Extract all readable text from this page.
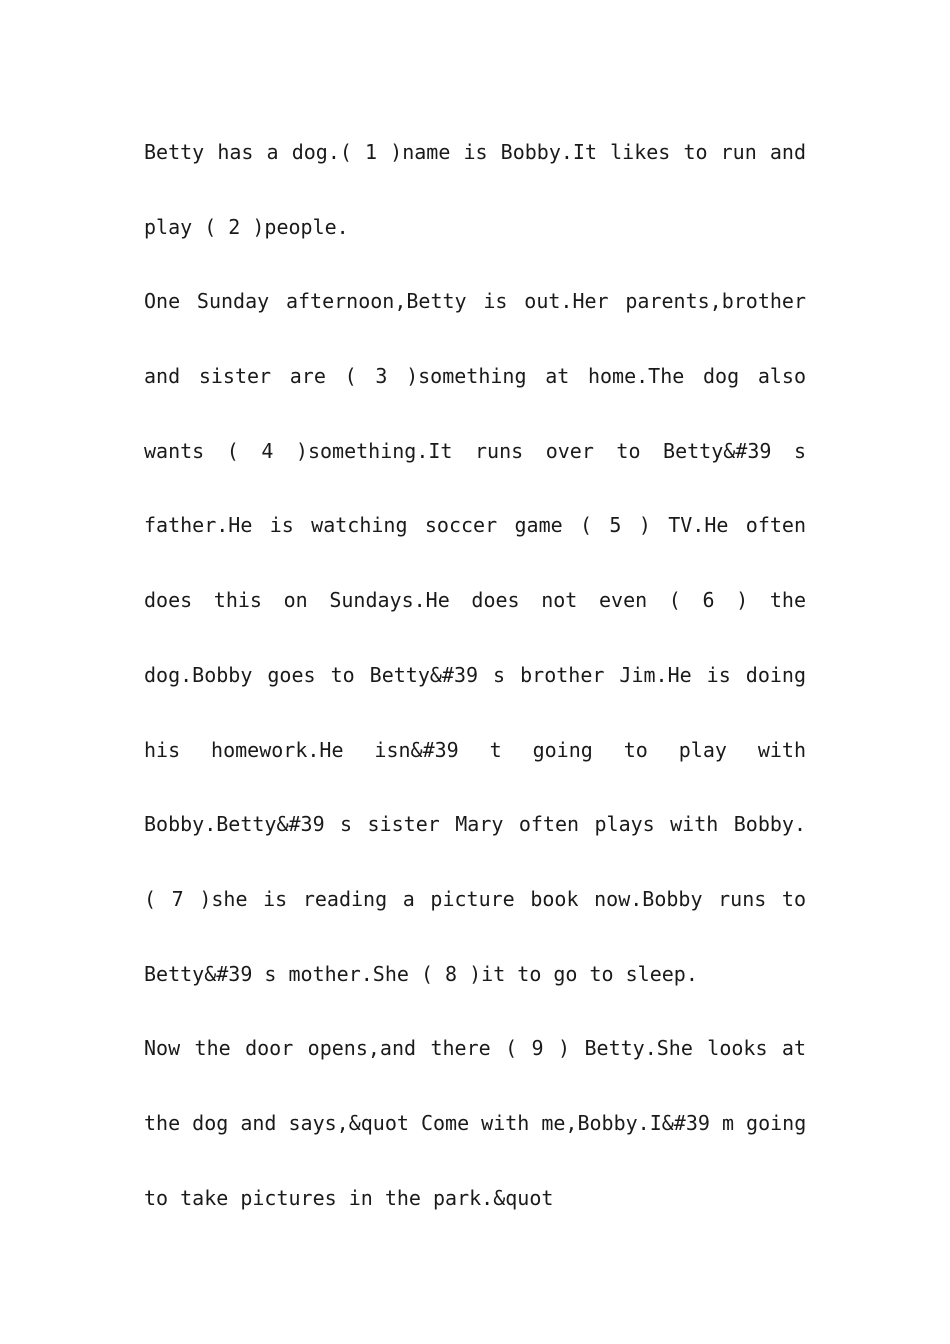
Betty has a dog.( 1 )name is Bobby.It likes to run and
play ( 2 )people.
One Sunday afternoon,Betty is out.Her parents,brother
and sister are ( 3 )something at home.The dog also
wants ( 4 )something.It runs over to Betty&#39 s
father.He is watching soccer game ( 5 ) TV.He often
does this on Sundays.He does not even ( 6 ) the
dog.Bobby goes to Betty&#39 s brother Jim.He is doing
his homework.He isn&#39 t going to play with
Bobby.Betty&#39 s sister Mary often plays with Bobby.
( 7 )she is reading a picture book now.Bobby runs to
Betty&#39 s mother.She ( 8 )it to go to sleep.
Now the door opens,and there ( 9 ) Betty.She looks at
the dog and says,&quot Come with me,Bobby.I&#39 m going
to take pictures in the park.&quot
